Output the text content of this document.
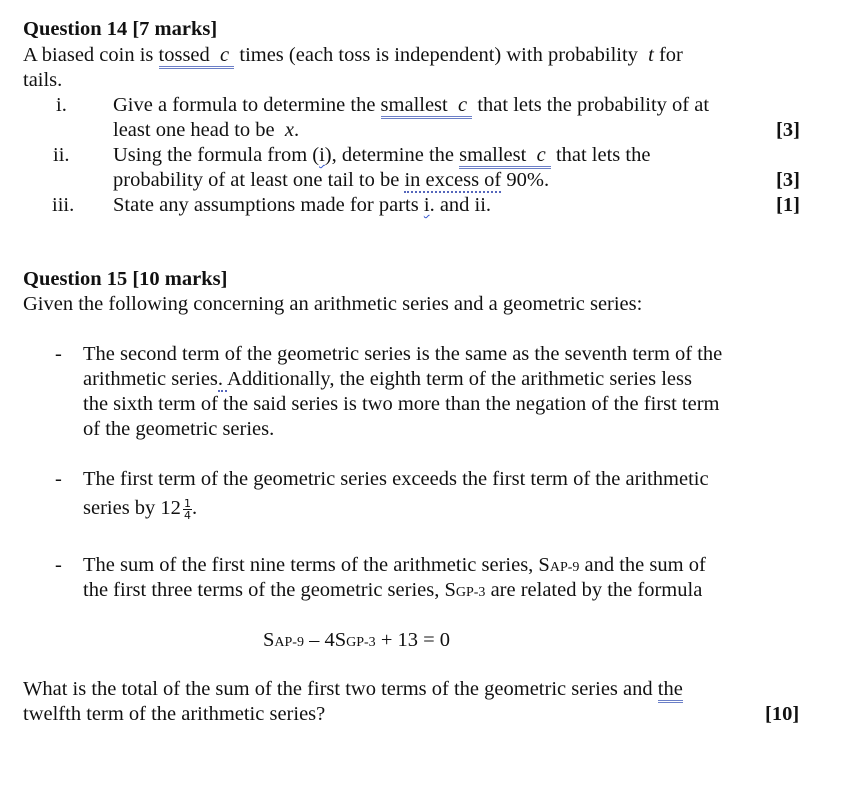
Question 14 [7 marks]
A biased coin is tossed c  times (each toss is independent) with probability  t for
tails.
i. Give a formula to determine the smallest c  that lets the probability of at
least one head to be  x.	[3]
ii. Using the formula from (i), determine the smallest c  that lets the
probability of at least one tail to be in excess of 90%.	[3]
iii. State any assumptions made for parts i. and ii.	[1]
Question 15 [10 marks]
Given the following concerning an arithmetic series and a geometric series:
- The second term of the geometric series is the same as the seventh term of the
arithmetic series. Additionally, the eighth term of the arithmetic series less
the sixth term of the said series is two more than the negation of the first term
of the geometric series.
- The first term of the geometric series exceeds the first term of the arithmetic
series by $12 \frac{1}{4}$ .
- The sum of the first nine terms of the arithmetic series, SAP-9 and the sum of
the first three terms of the geometric series, SGP-3 are related by the formula
SAP-9 – 4SGP-3 + 13 = 0
What is the total of the sum of the first two terms of the geometric series and the
twelfth term of the arithmetic series?	[10]
